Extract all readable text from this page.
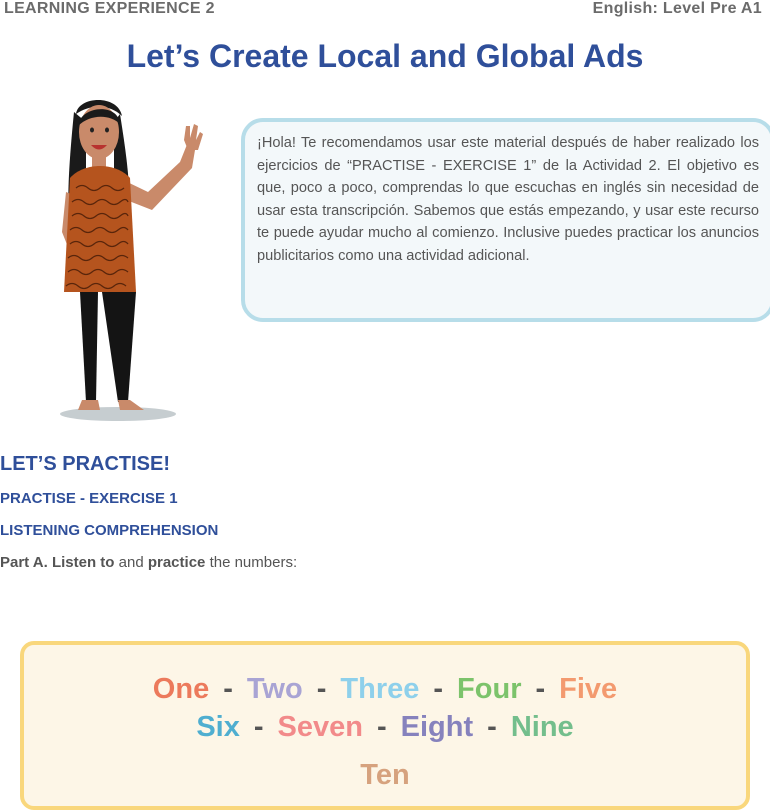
LEARNING EXPERIENCE 2	English: Level Pre A1
Let’s Create Local and Global Ads
¡Hola! Te recomendamos usar este material después de haber realizado los ejercicios de “PRACTISE - EXERCISE 1” de la Actividad 2. El objetivo es que, poco a poco, comprendas lo que escuchas en inglés sin necesidad de usar esta transcripción. Sabemos que estás empezando, y usar este recurso te puede ayudar mucho al comienzo. Inclusive puedes practicar los anuncios publicitarios como una actividad adicional.
LET’S PRACTISE!
PRACTISE - EXERCISE 1
LISTENING COMPREHENSION
Part A. Listen to and practice the numbers:
One - Two - Three - Four - Five
Six - Seven - Eight - Nine
Ten
